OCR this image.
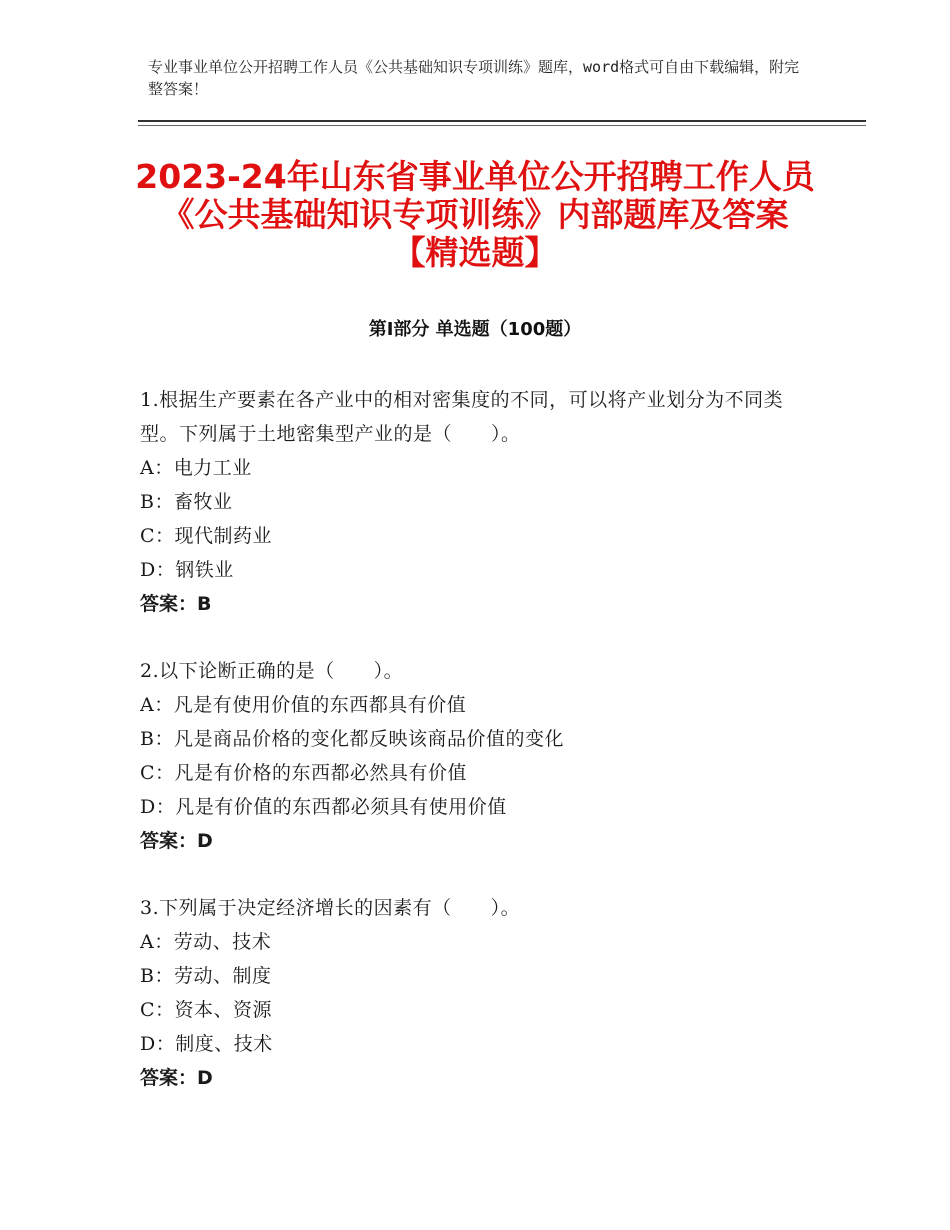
专业事业单位公开招聘工作人员《公共基础知识专项训练》题库，word格式可自由下载编辑，附完整答案！
2023-24年山东省事业单位公开招聘工作人员《公共基础知识专项训练》内部题库及答案【精选题】
第Ⅰ部分 单选题（100题）
1.根据生产要素在各产业中的相对密集度的不同，可以将产业划分为不同类型。下列属于土地密集型产业的是（　　）。
A：电力工业
B：畜牧业
C：现代制药业
D：钢铁业
答案：B
2.以下论断正确的是（　　）。
A：凡是有使用价值的东西都具有价值
B：凡是商品价格的变化都反映该商品价值的变化
C：凡是有价格的东西都必然具有价值
D：凡是有价值的东西都必须具有使用价值
答案：D
3.下列属于决定经济增长的因素有（　　）。
A：劳动、技术
B：劳动、制度
C：资本、资源
D：制度、技术
答案：D
